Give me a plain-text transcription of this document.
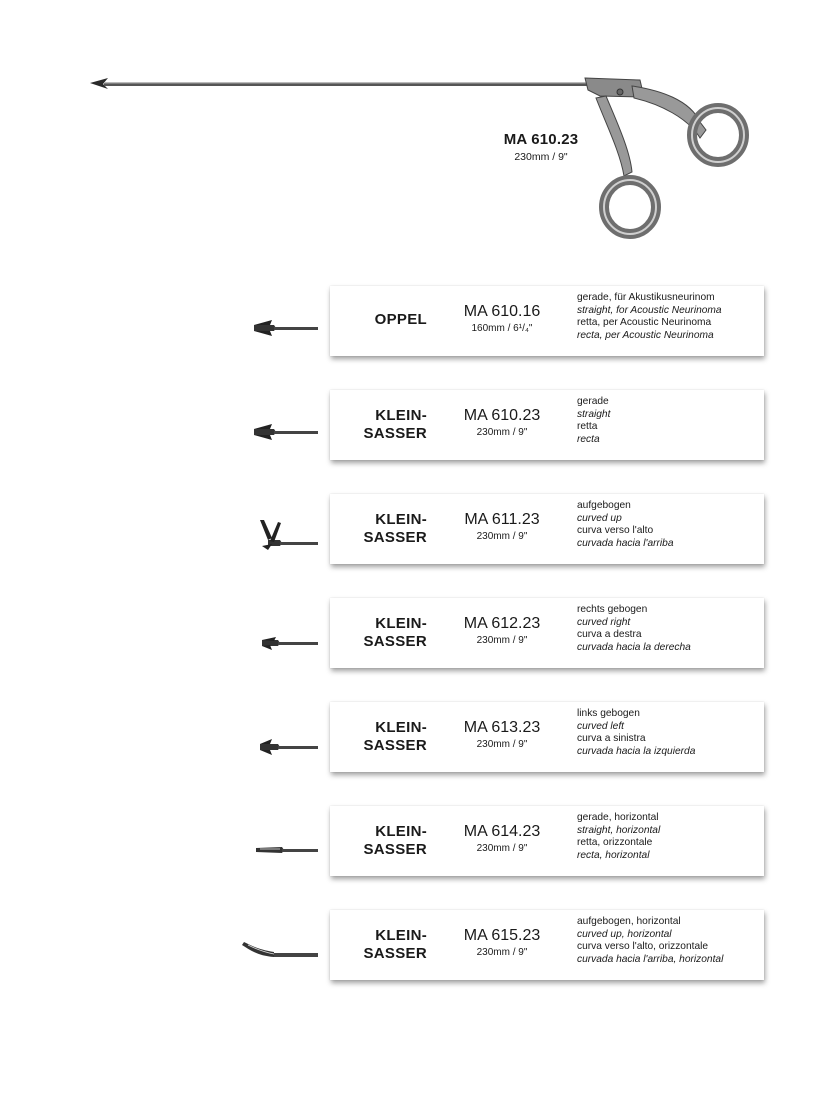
MA 610.23
230mm / 9"
OPPEL	MA 610.16
160mm / 6¹/₄"
gerade, für Akustikusneurinom
straight, for Acoustic Neurinoma
retta, per Acoustic Neurinoma
recta, per Acoustic Neurinoma
KLEIN-
SASSER
MA 610.23
230mm / 9"
gerade
straight
retta
recta
KLEIN-
SASSER
MA 611.23
230mm / 9"
aufgebogen
curved up
curva verso l'alto
curvada hacia l'arriba
KLEIN-
SASSER
MA 612.23
230mm / 9"
rechts gebogen
curved right
curva a destra
curvada hacia la derecha
KLEIN-
SASSER
MA 613.23
230mm / 9"
links gebogen
curved left
curva a sinistra
curvada hacia la izquierda
KLEIN-
SASSER
MA 614.23
230mm / 9"
gerade, horizontal
straight, horizontal
retta, orizzontale
recta, horizontal
KLEIN-
SASSER
MA 615.23
230mm / 9"
aufgebogen, horizontal
curved up, horizontal
curva verso l'alto, orizzontale
curvada hacia l'arriba, horizontal
